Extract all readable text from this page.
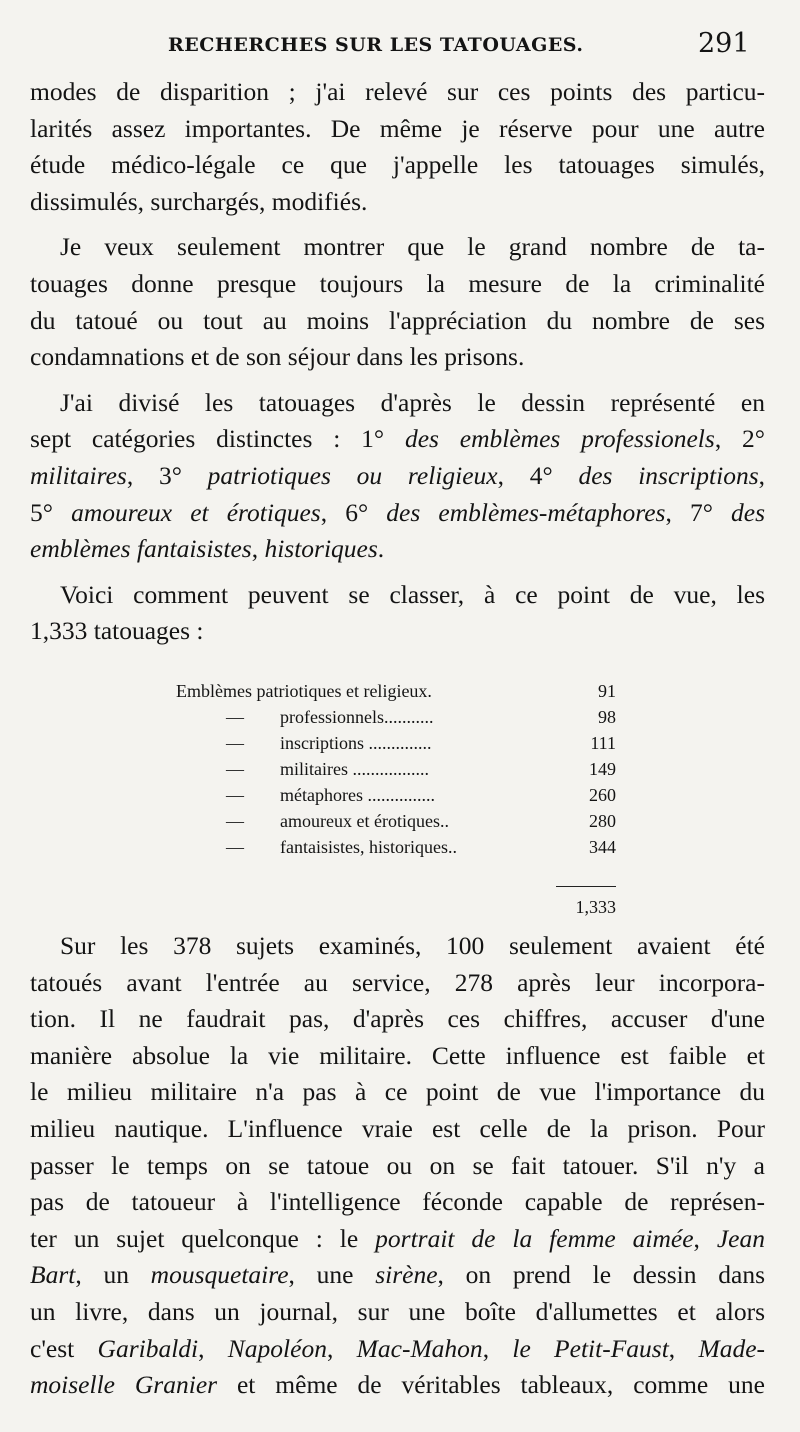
RECHERCHES SUR LES TATOUAGES.	291

modes de disparition ; j'ai relevé sur ces points des particu-
larités assez importantes. De même je réserve pour une autre
étude médico-légale ce que j'appelle les tatouages simulés,
dissimulés, surchargés, modifiés.

Je veux seulement montrer que le grand nombre de ta-
touages donne presque toujours la mesure de la criminalité
du tatoué ou tout au moins l'appréciation du nombre de ses
condamnations et de son séjour dans les prisons.

J'ai divisé les tatouages d'après le dessin représenté en
sept catégories distinctes : 1° des emblèmes professionels, 2°
militaires, 3° patriotiques ou religieux, 4° des inscriptions,
5° amoureux et érotiques, 6° des emblèmes-métaphores, 7° des
emblèmes fantaisistes, historiques.

Voici comment peuvent se classer, à ce point de vue, les
1,333 tatouages :

Emblèmes patriotiques et religieux.	91
— professionnels...........	98
— inscriptions ..............	111
— militaires .................	149
— métaphores ...............	260
— amoureux et érotiques..	280
— fantaisistes, historiques..	344
1,333

Sur les 378 sujets examinés, 100 seulement avaient été
tatoués avant l'entrée au service, 278 après leur incorpora-
tion. Il ne faudrait pas, d'après ces chiffres, accuser d'une
manière absolue la vie militaire. Cette influence est faible et
le milieu militaire n'a pas à ce point de vue l'importance du
milieu nautique. L'influence vraie est celle de la prison. Pour
passer le temps on se tatoue ou on se fait tatouer. S'il n'y a
pas de tatoueur à l'intelligence féconde capable de représen-
ter un sujet quelconque : le portrait de la femme aimée, Jean
Bart, un mousquetaire, une sirène, on prend le dessin dans
un livre, dans un journal, sur une boîte d'allumettes et alors
c'est Garibaldi, Napoléon, Mac-Mahon, le Petit-Faust, Made-
moiselle Granier et même de véritables tableaux, comme une
